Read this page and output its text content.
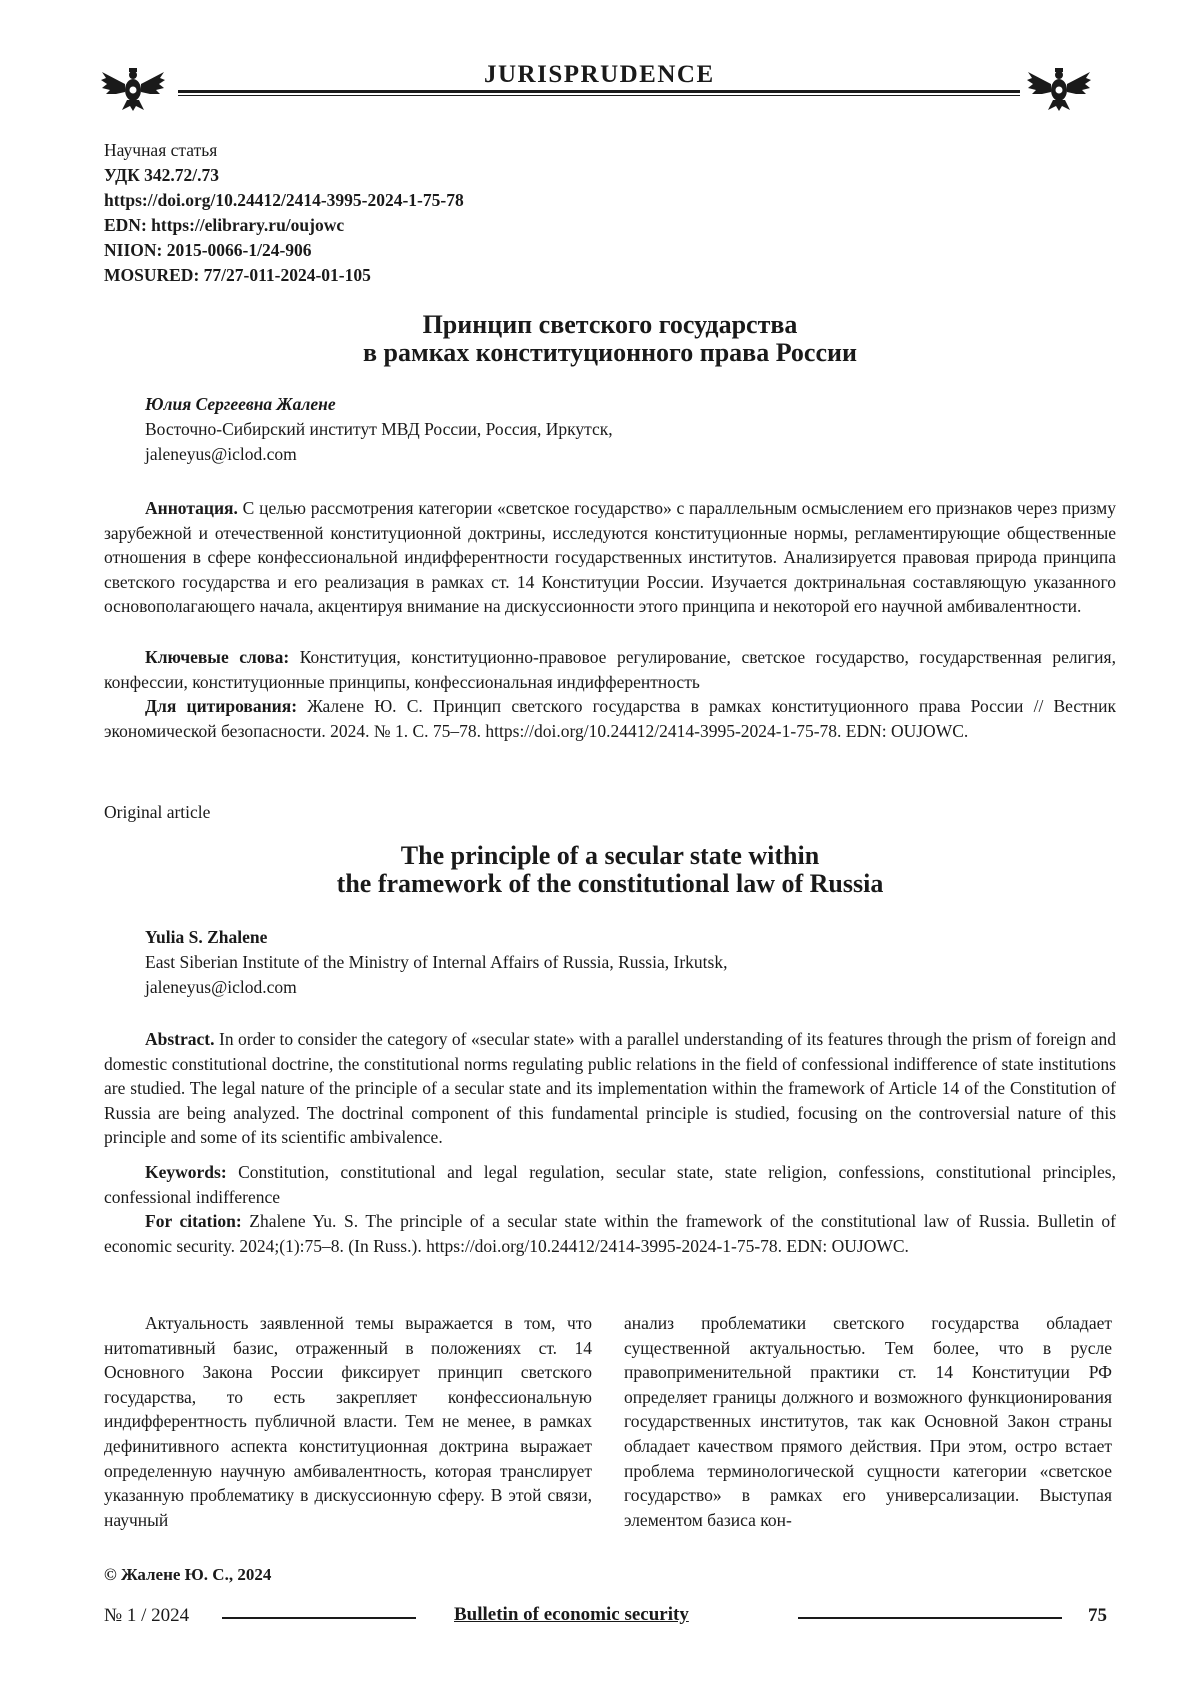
JURISPRUDENCE
Научная статья
УДК 342.72/.73
https://doi.org/10.24412/2414-3995-2024-1-75-78
EDN: https://elibrary.ru/oujowc
NIION: 2015-0066-1/24-906
MOSURED: 77/27-011-2024-01-105
Принцип светского государства
в рамках конституционного права России
Юлия Сергеевна Жалене
Восточно-Сибирский институт МВД России, Россия, Иркутск,
jaleneyus@iclod.com

Аннотация. С целью рассмотрения категории «светское государство» с параллельным осмыслением его признаков через призму зарубежной и отечественной конституционной доктрины, исследуются конституционные нормы, регламентирующие общественные отношения в сфере конфессиональной индифферентности государственных институтов. Анализируется правовая природа принципа светского государства и его реализация в рамках ст. 14 Конституции России. Изучается доктринальная составляющую указанного основополагающего начала, акцентируя внимание на дискуссионности этого принципа и некоторой его научной амбивалентности.

Ключевые слова: Конституция, конституционно-правовое регулирование, светское государство, государственная религия, конфессии, конституционные принципы, конфессиональная индифферентность

Для цитирования: Жалене Ю. С. Принцип светского государства в рамках конституционного права России // Вестник экономической безопасности. 2024. № 1. С. 75–78. https://doi.org/10.24412/2414-3995-2024-1-75-78. EDN: OUJOWC.

Original article
The principle of a secular state within
the framework of the constitutional law of Russia
Yulia S. Zhalene
East Siberian Institute of the Ministry of Internal Affairs of Russia, Russia, Irkutsk,
jaleneyus@iclod.com

Abstract. In order to consider the category of «secular state» with a parallel understanding of its features through the prism of foreign and domestic constitutional doctrine, the constitutional norms regulating public relations in the field of confessional indifference of state institutions are studied. The legal nature of the principle of a secular state and its implementation within the framework of Article 14 of the Constitution of Russia are being analyzed. The doctrinal component of this fundamental principle is studied, focusing on the controversial nature of this principle and some of its scientific ambivalence.

Keywords: Constitution, constitutional and legal regulation, secular state, state religion, confessions, constitutional principles, confessional indifference

For citation: Zhalene Yu. S. The principle of a secular state within the framework of the constitutional law of Russia. Bulletin of economic security. 2024;(1):75–8. (In Russ.). https://doi.org/10.24412/2414-3995-2024-1-75-78. EDN: OUJOWC.

Актуальность заявленной темы выражается в том, что нитоmативный базис, отраженный в положениях ст. 14 Основного Закона России фиксирует принцип светского государства, то есть закрепляет конфессиональную индифферентность публичной власти. Тем не менее, в рамках дефинитивного аспекта конституционная доктрина выражает определенную научную амбивалентность, которая транслирует указанную проблематику в дискуссионную сферу. В этой связи, научный

анализ проблематики светского государства обладает существенной актуальностью. Тем более, что в русле правоприменительной практики ст. 14 Конституции РФ определяет границы должного и возможного функционирования государственных институтов, так как Основной Закон страны обладает качеством прямого действия. При этом, остро встает проблема терминологической сущности категории «светское государство» в рамках его универсализации. Выступая элементом базиса кон-

© Жалене Ю. С., 2024
№ 1 / 2024	Bulletin of economic security	75
